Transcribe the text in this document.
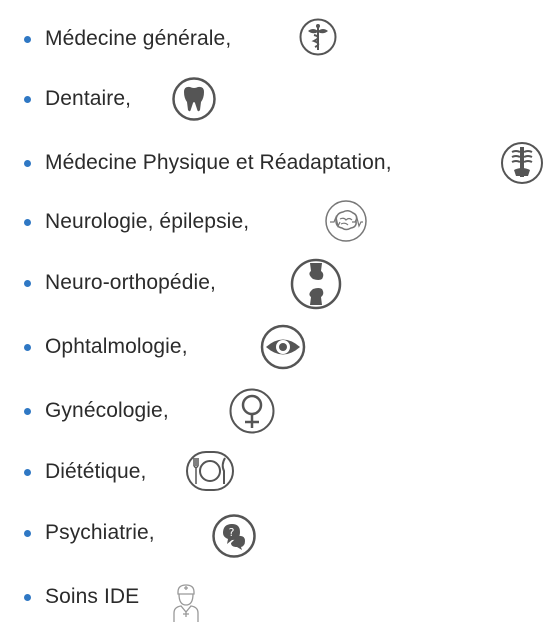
Médecine générale,
Dentaire,
Médecine Physique et Réadaptation,
Neurologie, épilepsie,
Neuro-orthopédie,
Ophtalmologie,
Gynécologie,
Diététique,
Psychiatrie,	?
Soins IDE
